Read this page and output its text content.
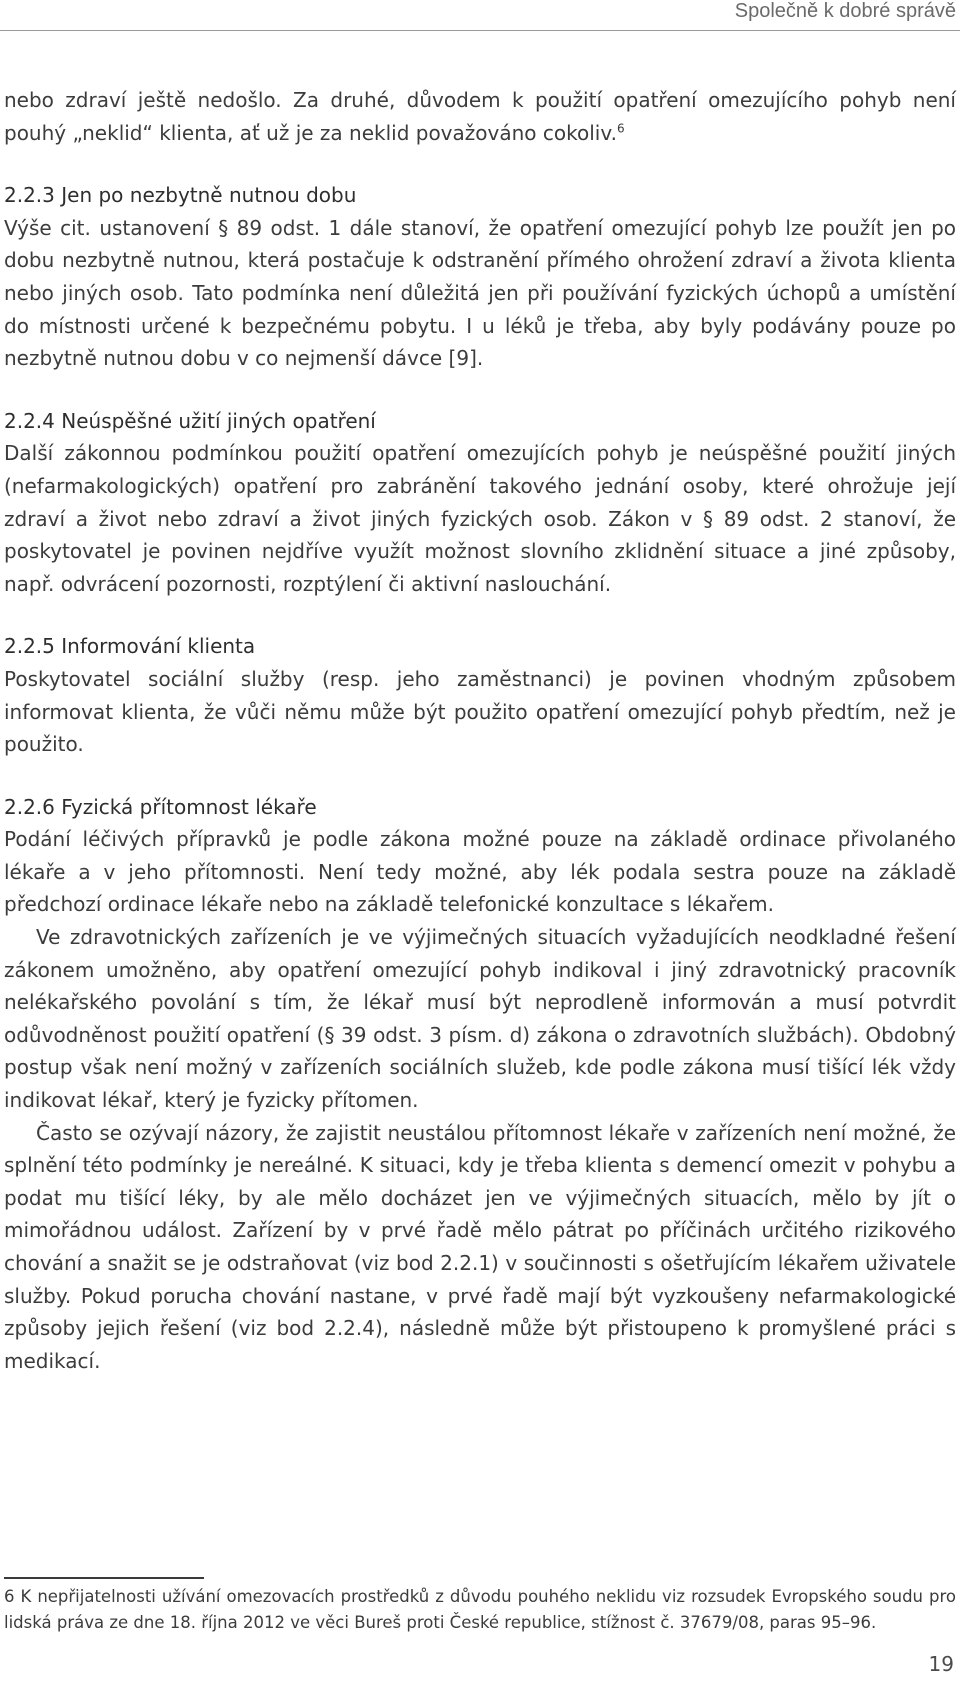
Společně k dobré správě

nebo zdraví ještě nedošlo. Za druhé, důvodem k použití opatření omezujícího pohyb není pouhý „neklid“ klienta, ať už je za neklid považováno cokoliv.$^6$

2.2.3 Jen po nezbytně nutnou dobu

Výše cit. ustanovení § 89 odst. 1 dále stanoví, že opatření omezující pohyb lze použít jen po dobu nezbytně nutnou, která postačuje k odstranění přímého ohrožení zdraví a života klienta nebo jiných osob. Tato podmínka není důležitá jen při používání fyzických úchopů a umístění do místnosti určené k bezpečnému pobytu. I u léků je třeba, aby byly podávány pouze po nezbytně nutnou dobu v co nejmenší dávce [9].

2.2.4 Neúspěšné užití jiných opatření

Další zákonnou podmínkou použití opatření omezujících pohyb je neúspěšné použití jiných (nefarmakologických) opatření pro zabránění takového jednání osoby, které ohrožuje její zdraví a život nebo zdraví a život jiných fyzických osob. Zákon v § 89 odst. 2 stanoví, že poskytovatel je povinen nejdříve využít možnost slovního zklidnění situace a jiné způsoby, např. odvrácení pozornosti, rozptýlení či aktivní naslouchání.

2.2.5 Informování klienta

Poskytovatel sociální služby (resp. jeho zaměstnanci) je povinen vhodným způsobem informovat klienta, že vůči němu může být použito opatření omezující pohyb předtím, než je použito.

2.2.6 Fyzická přítomnost lékaře

Podání léčivých přípravků je podle zákona možné pouze na základě ordinace přivolaného lékaře a v jeho přítomnosti. Není tedy možné, aby lék podala sestra pouze na základě předchozí ordinace lékaře nebo na základě telefonické konzultace s lékařem.

Ve zdravotnických zařízeních je ve výjimečných situacích vyžadujících neodkladné řešení zákonem umožněno, aby opatření omezující pohyb indikoval i jiný zdravotnický pracovník nelékařského povolání s tím, že lékař musí být neprodleně informován a musí potvrdit odůvodněnost použití opatření (§ 39 odst. 3 písm. d) zákona o zdravotních službách). Obdobný postup však není možný v zařízeních sociálních služeb, kde podle zákona musí tišící lék vždy indikovat lékař, který je fyzicky přítomen.

Často se ozývají názory, že zajistit neustálou přítomnost lékaře v zařízeních není možné, že splnění této podmínky je nereálné. K situaci, kdy je třeba klienta s demencí omezit v pohybu a podat mu tišící léky, by ale mělo docházet jen ve výjimečných situacích, mělo by jít o mimořádnou událost. Zařízení by v prvé řadě mělo pátrat po příčinách určitého rizikového chování a snažit se je odstraňovat (viz bod 2.2.1) v součinnosti s ošetřujícím lékařem uživatele služby. Pokud porucha chování nastane, v prvé řadě mají být vyzkoušeny nefarmakologické způsoby jejich řešení (viz bod 2.2.4), následně může být přistoupeno k promyšlené práci s medikací.

6 K nepřijatelnosti užívání omezovacích prostředků z důvodu pouhého neklidu viz rozsudek Evropského soudu pro lidská práva ze dne 18. října 2012 ve věci Bureš proti České republice, stížnost č. 37679/08, paras 95–96.
19
